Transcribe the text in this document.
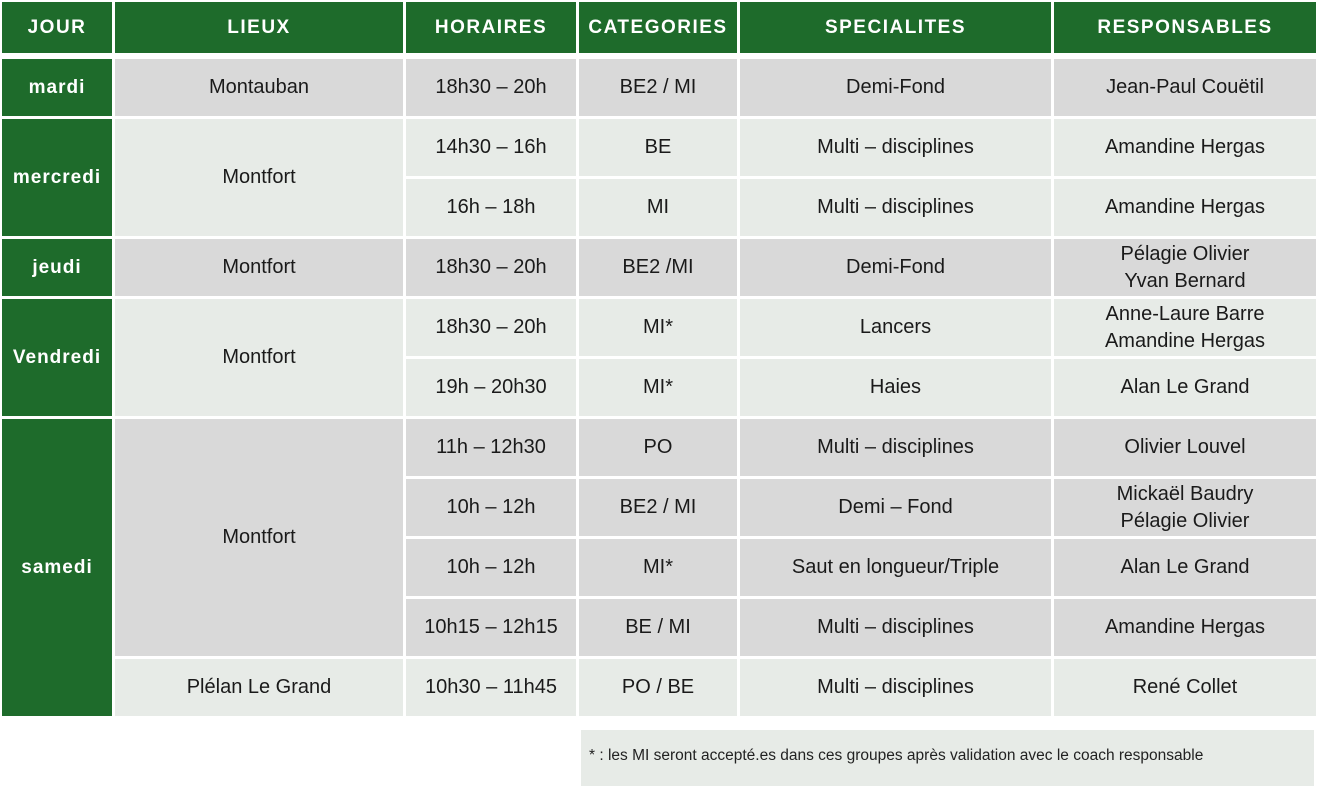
JOUR	LIEUX	HORAIRES	CATEGORIES	SPECIALITES	RESPONSABLES
mardi	Montauban	18h30 – 20h	BE2 / MI	Demi-Fond	Jean-Paul Couëtil

mercredi	Montfort	14h30 – 16h	BE	Multi – disciplines	Amandine Hergas

		16h – 18h	MI	Multi – disciplines	Amandine Hergas

jeudi	Montfort	18h30 – 20h	BE2 /MI	Demi-Fond	Pélagie Olivier
Yvan Bernard

Vendredi	Montfort	18h30 – 20h	MI*	Lancers	Anne-Laure Barre
Amandine Hergas

		19h – 20h30	MI*	Haies	Alan Le Grand

samedi	Montfort	11h – 12h30	PO	Multi – disciplines	Olivier Louvel

		10h – 12h	BE2 / MI	Demi – Fond	Mickaël Baudry
Pélagie Olivier

		10h – 12h	MI*	Saut en longueur/Triple	Alan Le Grand

		10h15 – 12h15	BE / MI	Multi – disciplines	Amandine Hergas

	Plélan Le Grand	10h30 – 11h45	PO / BE	Multi – disciplines	René Collet
* : les MI seront accepté.es dans ces groupes après validation avec le coach responsable
